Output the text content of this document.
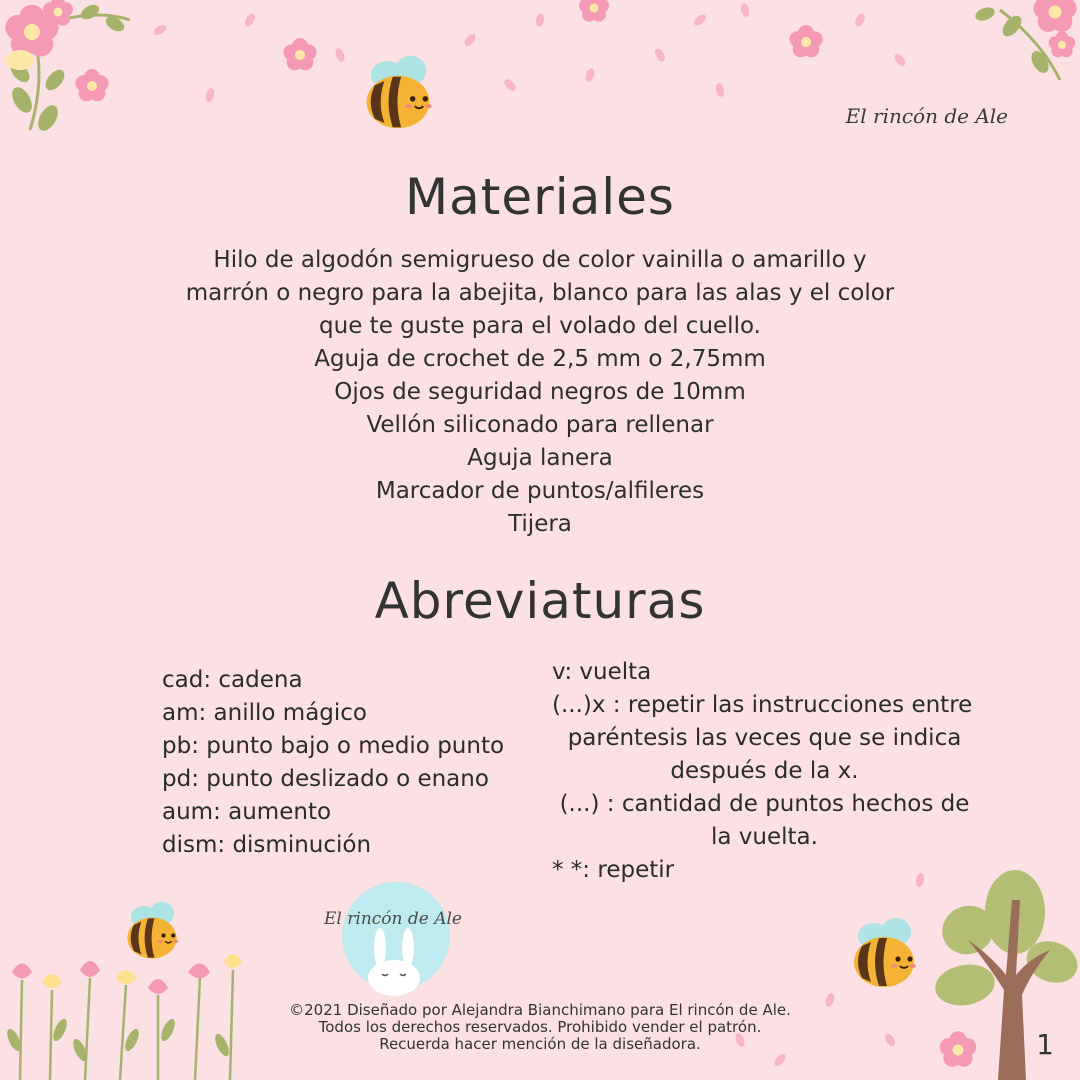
El rincón de Ale
El rincón de Ale
Materiales
Hilo de algodón semigrueso de color vainilla o amarillo y
marrón o negro para la abejita, blanco para las alas y el color
que te guste para el volado del cuello.
Aguja de crochet de 2,5 mm o 2,75mm
Ojos de seguridad negros de 10mm
Vellón siliconado para rellenar
Aguja lanera
Marcador de puntos/alfileres
Tijera
Abreviaturas
cad: cadena
am: anillo mágico
pb: punto bajo o medio punto
pd: punto deslizado o enano
aum: aumento
dism: disminución
v: vuelta
(...)x : repetir las instrucciones entre
paréntesis las veces que se indica
después de la x.
(...) : cantidad de puntos hechos de
la vuelta.
* *: repetir
©2021 Diseñado por Alejandra Bianchimano para El rincón de Ale.
Todos los derechos reservados. Prohibido vender el patrón.
Recuerda hacer mención de la diseñadora.	1
